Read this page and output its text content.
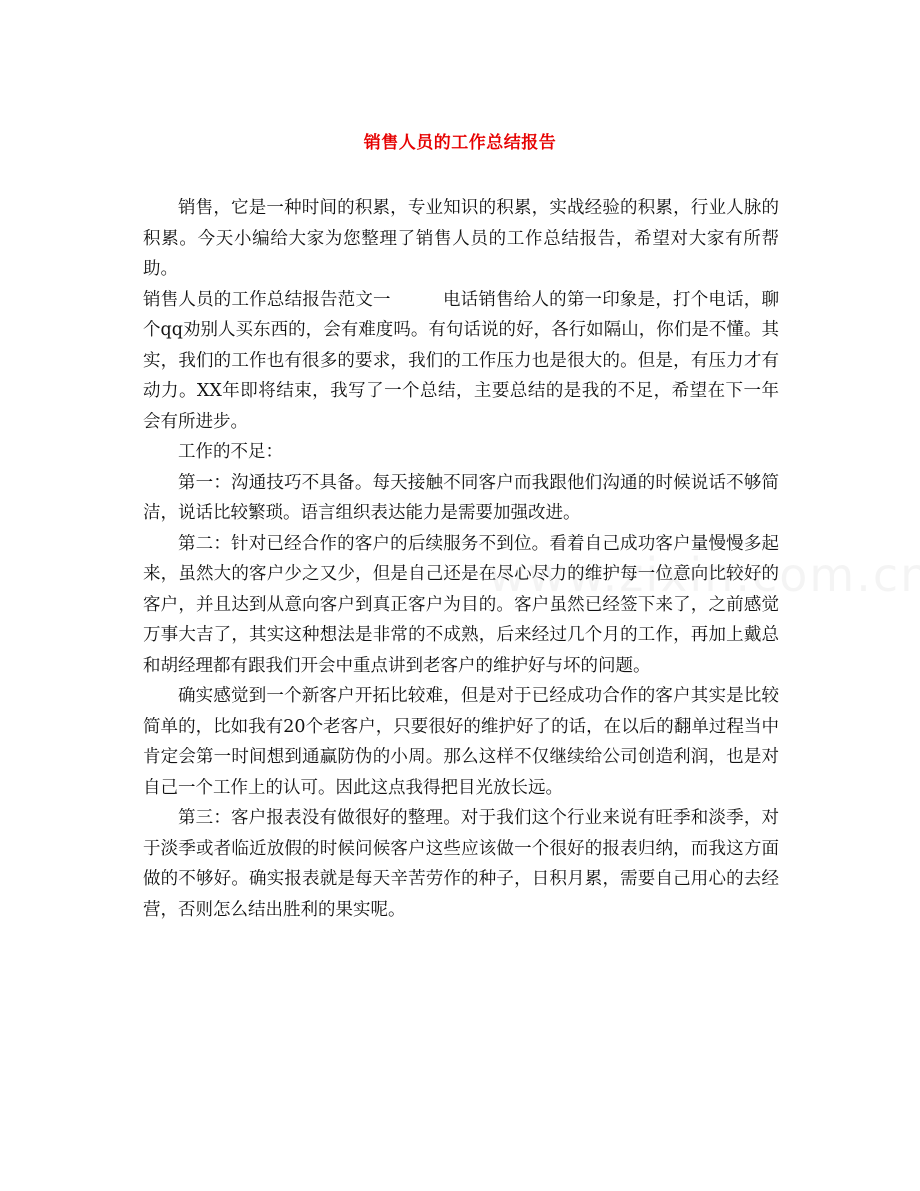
销售人员的工作总结报告

销售，它是一种时间的积累，专业知识的积累，实战经验的积累，行业人脉的积累。今天小编给大家为您整理了销售人员的工作总结报告，希望对大家有所帮助。

销售人员的工作总结报告范文一	电话销售给人的第一印象是，打个电话，聊个qq劝别人买东西的，会有难度吗。有句话说的好，各行如隔山，你们是不懂。其实，我们的工作也有很多的要求，我们的工作压力也是很大的。但是，有压力才有动力。XX年即将结束，我写了一个总结，主要总结的是我的不足，希望在下一年会有所进步。

工作的不足：

第一：沟通技巧不具备。每天接触不同客户而我跟他们沟通的时候说话不够简洁，说话比较繁琐。语言组织表达能力是需要加强改进。

第二：针对已经合作的客户的后续服务不到位。看着自己成功客户量慢慢多起来，虽然大的客户少之又少，但是自己还是在尽心尽力的维护每一位意向比较好的客户，并且达到从意向客户到真正客户为目的。客户虽然已经签下来了，之前感觉万事大吉了，其实这种想法是非常的不成熟，后来经过几个月的工作，再加上戴总和胡经理都有跟我们开会中重点讲到老客户的维护好与坏的问题。

确实感觉到一个新客户开拓比较难，但是对于已经成功合作的客户其实是比较简单的，比如我有20个老客户，只要很好的维护好了的话，在以后的翻单过程当中肯定会第一时间想到通赢防伪的小周。那么这样不仅继续给公司创造利润，也是对自己一个工作上的认可。因此这点我得把目光放长远。

第三：客户报表没有做很好的整理。对于我们这个行业来说有旺季和淡季，对于淡季或者临近放假的时候问候客户这些应该做一个很好的报表归纳，而我这方面做的不够好。确实报表就是每天辛苦劳作的种子，日积月累，需要自己用心的去经营，否则怎么结出胜利的果实呢。
